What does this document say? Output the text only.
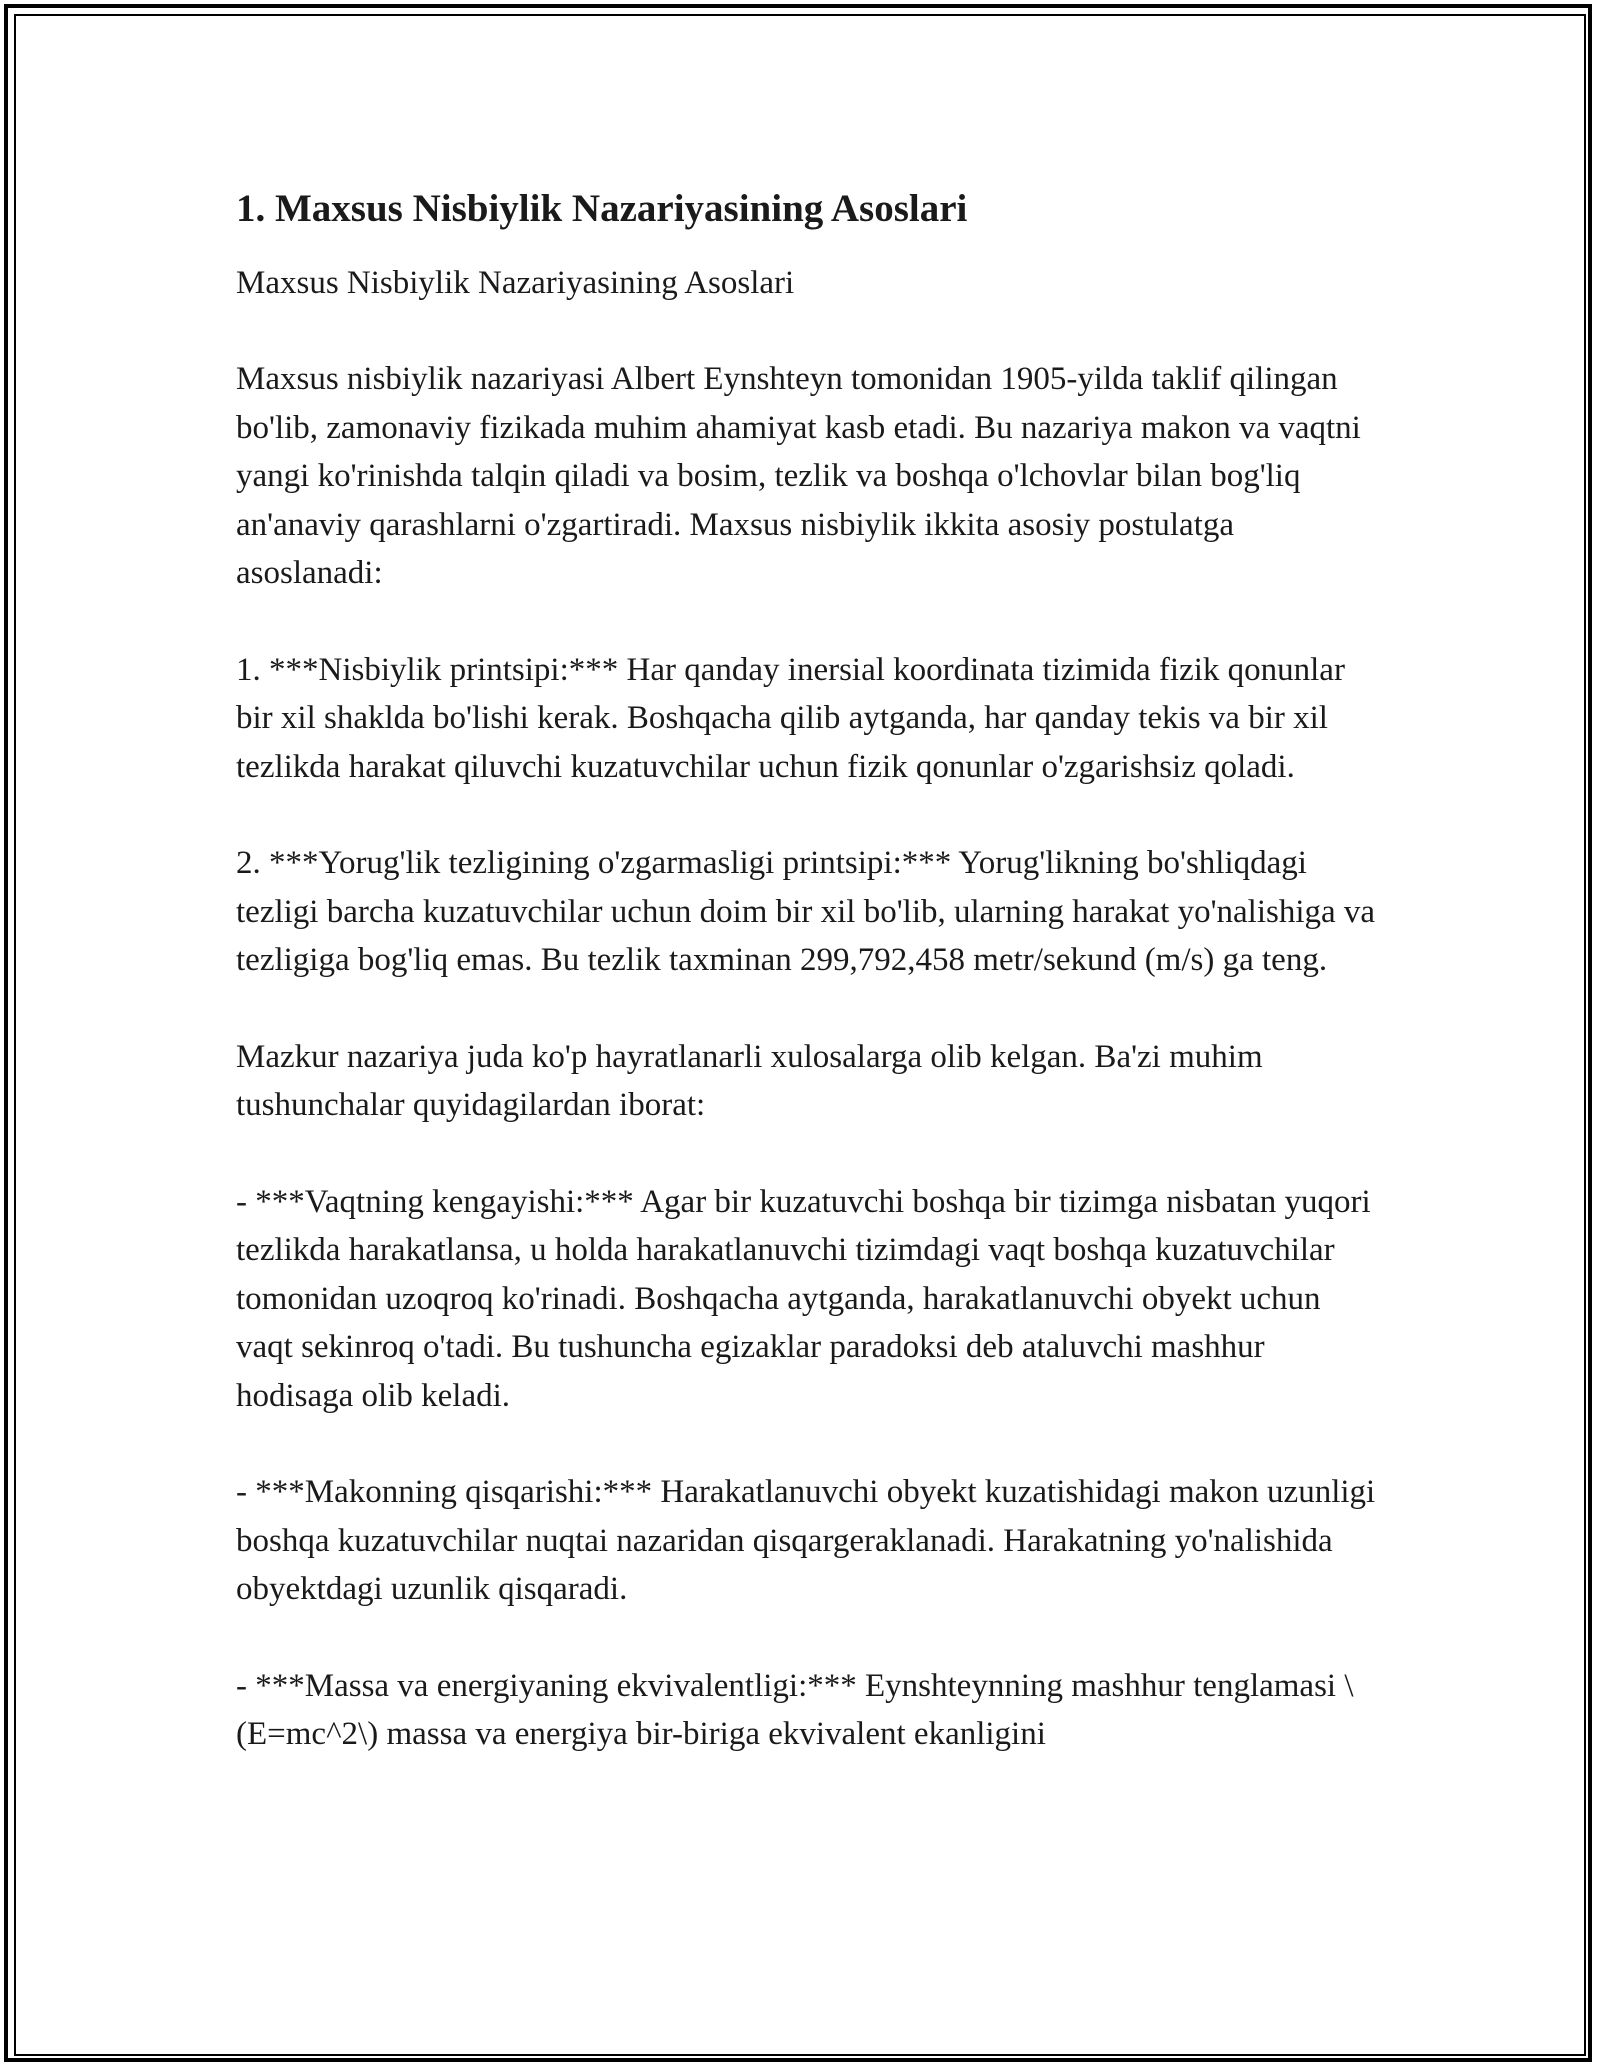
1. Maxsus Nisbiylik Nazariyasining Asoslari
Maxsus Nisbiylik Nazariyasining Asoslari
Maxsus nisbiylik nazariyasi Albert Eynshteyn tomonidan 1905-yilda taklif qilingan bo'lib, zamonaviy fizikada muhim ahamiyat kasb etadi. Bu nazariya makon va vaqtni yangi ko'rinishda talqin qiladi va bosim, tezlik va boshqa o'lchovlar bilan bog'liq an'anaviy qarashlarni o'zgartiradi. Maxsus nisbiylik ikkita asosiy postulatga asoslanadi:
1. ***Nisbiylik printsipi:*** Har qanday inersial koordinata tizimida fizik qonunlar bir xil shaklda bo'lishi kerak. Boshqacha qilib aytganda, har qanday tekis va bir xil tezlikda harakat qiluvchi kuzatuvchilar uchun fizik qonunlar o'zgarishsiz qoladi.
2. ***Yorug'lik tezligining o'zgarmasligi printsipi:*** Yorug'likning bo'shliqdagi tezligi barcha kuzatuvchilar uchun doim bir xil bo'lib, ularning harakat yo'nalishiga va tezligiga bog'liq emas. Bu tezlik taxminan 299,792,458 metr/sekund (m/s) ga teng.
Mazkur nazariya juda ko'p hayratlanarli xulosalarga olib kelgan. Ba'zi muhim tushunchalar quyidagilardan iborat:
- ***Vaqtning kengayishi:*** Agar bir kuzatuvchi boshqa bir tizimga nisbatan yuqori tezlikda harakatlansa, u holda harakatlanuvchi tizimdagi vaqt boshqa kuzatuvchilar tomonidan uzoqroq ko'rinadi. Boshqacha aytganda, harakatlanuvchi obyekt uchun vaqt sekinroq o'tadi. Bu tushuncha egizaklar paradoksi deb ataluvchi mashhur hodisaga olib keladi.
- ***Makonning qisqarishi:*** Harakatlanuvchi obyekt kuzatishidagi makon uzunligi boshqa kuzatuvchilar nuqtai nazaridan qisqargeraklanadi. Harakatning yo'nalishida obyektdagi uzunlik qisqaradi.
- ***Massa va energiyaning ekvivalentligi:*** Eynshteynning mashhur tenglamasi \(E=mc^2\) massa va energiya bir-biriga ekvivalent ekanligini
